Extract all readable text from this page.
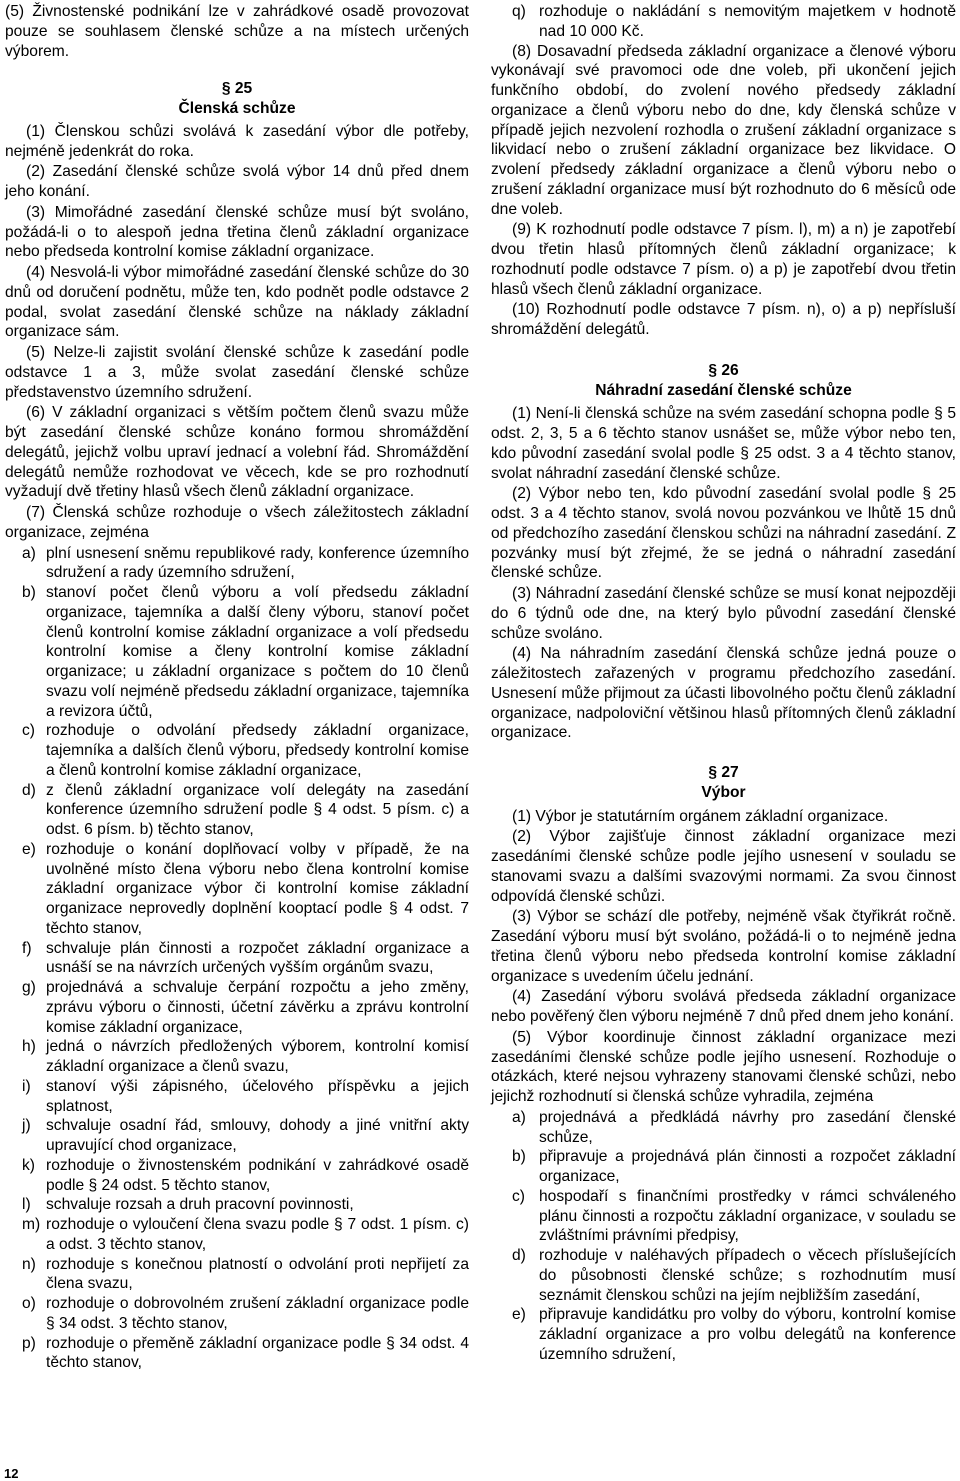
(5) Živnostenské podnikání lze v zahrádkové osadě provozovat pouze se souhlasem členské schůze a na místech určených výborem.

§ 25

Členská schůze

(1) Členskou schůzi svolává k zasedání výbor dle potřeby, nejméně jedenkrát do roka.

(2) Zasedání členské schůze svolá výbor 14 dnů před dnem jeho konání.

(3) Mimořádné zasedání členské schůze musí být svoláno, požádá-li o to alespoň jedna třetina členů základní organizace nebo předseda kontrolní komise základní organizace.

(4) Nesvolá-li výbor mimořádné zasedání členské schůze do 30 dnů od doručení podnětu, může ten, kdo podnět podle odstavce 2 podal, svolat zasedání členské schůze na náklady základní organizace sám.

(5) Nelze-li zajistit svolání členské schůze k zasedání podle odstavce 1 a 3, může svolat zasedání členské schůze představenstvo územního sdružení.

(6) V základní organizaci s větším počtem členů svazu může být zasedání členské schůze konáno formou shromáždění delegátů, jejichž volbu upraví jednací a volební řád. Shromáždění delegátů nemůže rozhodovat ve věcech, kde se pro rozhodnutí vyžadují dvě třetiny hlasů všech členů základní organizace.

(7) Členská schůze rozhoduje o všech záležitostech základní organizace, zejména

a) plní usnesení sněmu republikové rady, konference územního sdružení a rady územního sdružení,
b) stanoví počet členů výboru a volí předsedu základní organizace, tajemníka a další členy výboru, stanoví počet členů kontrolní komise základní organizace a volí předsedu kontrolní komise a členy kontrolní komise základní organizace; u základní organizace s počtem do 10 členů svazu volí nejméně předsedu základní organizace, tajemníka a revizora účtů,
c) rozhoduje o odvolání předsedy základní organizace, tajemníka a dalších členů výboru, předsedy kontrolní komise a členů kontrolní komise základní organizace,
d) z členů základní organizace volí delegáty na zasedání konference územního sdružení podle § 4 odst. 5 písm. c) a odst. 6 písm. b) těchto stanov,
e) rozhoduje o konání doplňovací volby v případě, že na uvolněné místo člena výboru nebo člena kontrolní komise základní organizace výbor či kontrolní komise základní organizace neprovedly doplnění kooptací podle § 4 odst. 7 těchto stanov,
f) schvaluje plán činnosti a rozpočet základní organizace a usnáší se na návrzích určených vyšším orgánům svazu,
g) projednává a schvaluje čerpání rozpočtu a jeho změny, zprávu výboru o činnosti, účetní závěrku a zprávu kontrolní komise základní organizace,
h) jedná o návrzích předložených výborem, kontrolní komisí základní organizace a členů svazu,
i) stanoví výši zápisného, účelového příspěvku a jejich splatnost,
j) schvaluje osadní řád, smlouvy, dohody a jiné vnitřní akty upravující chod organizace,
k) rozhoduje o živnostenském podnikání v zahrádkové osadě podle § 24 odst. 5 těchto stanov,
l) schvaluje rozsah a druh pracovní povinnosti,
m) rozhoduje o vyloučení člena svazu podle § 7 odst. 1 písm. c) a odst. 3 těchto stanov,
n) rozhoduje s konečnou platností o odvolání proti nepřijetí za člena svazu,
o) rozhoduje o dobrovolném zrušení základní organizace podle § 34 odst. 3 těchto stanov,
p) rozhoduje o přeměně základní organizace podle § 34 odst. 4 těchto stanov,
q) rozhoduje o nakládání s nemovitým majetkem v hodnotě nad 10 000 Kč.

(8) Dosavadní předseda základní organizace a členové výboru vykonávají své pravomoci ode dne voleb, při ukončení jejich funkčního období, do zvolení nového předsedy základní organizace a členů výboru nebo do dne, kdy členská schůze v případě jejich nezvolení rozhodla o zrušení základní organizace s likvidací nebo o zrušení základní organizace bez likvidace. O zvolení předsedy základní organizace a členů výboru nebo o zrušení základní organizace musí být rozhodnuto do 6 měsíců ode dne voleb.

(9) K rozhodnutí podle odstavce 7 písm. l), m) a n) je zapotřebí dvou třetin hlasů přítomných členů základní organizace; k rozhodnutí podle odstavce 7 písm. o) a p) je zapotřebí dvou třetin hlasů všech členů základní organizace.

(10) Rozhodnutí podle odstavce 7 písm. n), o) a p) nepřísluší shromáždění delegátů.

§ 26

Náhradní zasedání členské schůze

(1) Není-li členská schůze na svém zasedání schopna podle § 5 odst. 2, 3, 5 a 6 těchto stanov usnášet se, může výbor nebo ten, kdo původní zasedání svolal podle § 25 odst. 3 a 4 těchto stanov, svolat náhradní zasedání členské schůze.

(2) Výbor nebo ten, kdo původní zasedání svolal podle § 25 odst. 3 a 4 těchto stanov, svolá novou pozvánkou ve lhůtě 15 dnů od předchozího zasedání členskou schůzi na náhradní zasedání. Z pozvánky musí být zřejmé, že se jedná o náhradní zasedání členské schůze.

(3) Náhradní zasedání členské schůze se musí konat nejpozději do 6 týdnů ode dne, na který bylo původní zasedání členské schůze svoláno.

(4) Na náhradním zasedání členská schůze jedná pouze o záležitostech zařazených v programu předchozího zasedání. Usnesení může přijmout za účasti libovolného počtu členů základní organizace, nadpoloviční většinou hlasů přítomných členů základní organizace.

§ 27

Výbor

(1) Výbor je statutárním orgánem základní organizace.

(2) Výbor zajišťuje činnost základní organizace mezi zasedáními členské schůze podle jejího usnesení v souladu se stanovami svazu a dalšími svazovými normami. Za svou činnost odpovídá členské schůzi.

(3) Výbor se schází dle potřeby, nejméně však čtyřikrát ročně. Zasedání výboru musí být svoláno, požádá-li o to nejméně jedna třetina členů výboru nebo předseda kontrolní komise základní organizace s uvedením účelu jednání.

(4) Zasedání výboru svolává předseda základní organizace nebo pověřený člen výboru nejméně 7 dnů před dnem jeho konání.

(5) Výbor koordinuje činnost základní organizace mezi zasedáními členské schůze podle jejího usnesení. Rozhoduje o otázkách, které nejsou vyhrazeny stanovami členské schůzi, nebo jejichž rozhodnutí si členská schůze vyhradila, zejména

a) projednává a předkládá návrhy pro zasedání členské schůze,
b) připravuje a projednává plán činnosti a rozpočet základní organizace,
c) hospodaří s finančními prostředky v rámci schváleného plánu činnosti a rozpočtu základní organizace, v souladu se zvláštními právními předpisy,
d) rozhoduje v naléhavých případech o věcech příslušejících do působnosti členské schůze; s rozhodnutím musí seznámit členskou schůzi na jejím nejbližším zasedání,
e) připravuje kandidátku pro volby do výboru, kontrolní komise základní organizace a pro volbu delegátů na konference územního sdružení,
12
